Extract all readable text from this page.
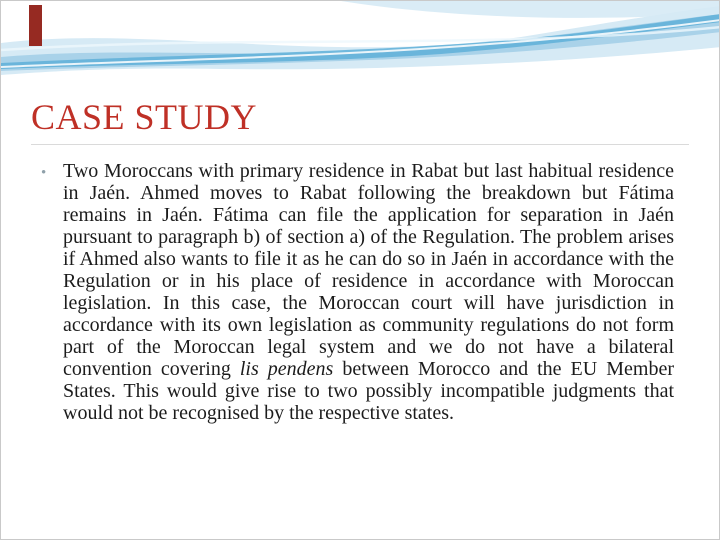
CASE STUDY
• Two Moroccans with primary residence in Rabat but last habitual residence in Jaén. Ahmed moves to Rabat following the breakdown but Fátima remains in Jaén. Fátima can file the application for separation in Jaén pursuant to paragraph b) of section a) of the Regulation. The problem arises if Ahmed also wants to file it as he can do so in Jaén in accordance with the Regulation or in his place of residence in accordance with Moroccan legislation. In this case, the Moroccan court will have jurisdiction in accordance with its own legislation as community regulations do not form part of the Moroccan legal system and we do not have a bilateral convention covering lis pendens between Morocco and the EU Member States. This would give rise to two possibly incompatible judgments that would not be recognised by the respective states.
